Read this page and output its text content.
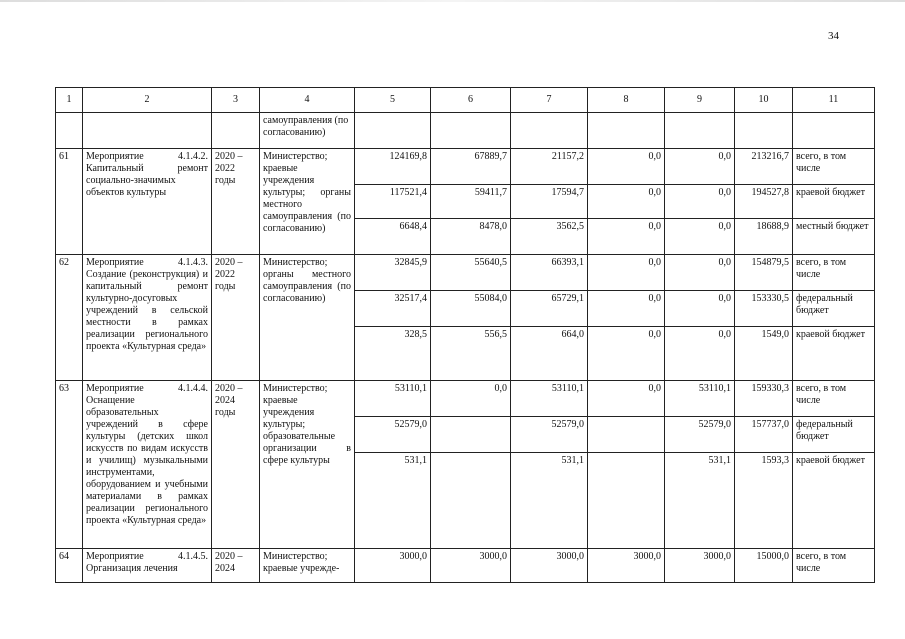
34
1	2	3	4	5	6	7	8	9	10	11
			самоуправления (по согласованию)							
61	Мероприятие 4.1.4.2. Капитальный ремонт социально-значимых объектов культуры	2020 – 2022 годы	Министерство; краевые учреждения культуры; органы местного самоуправления (по согласованию)	124169,8	67889,7	21157,2	0,0	0,0	213216,7	всего, в том числе
				117521,4	59411,7	17594,7	0,0	0,0	194527,8	краевой бюджет
				6648,4	8478,0	3562,5	0,0	0,0	18688,9	местный бюджет
62	Мероприятие 4.1.4.3. Создание (реконструкция) и капитальный ремонт культурно-досуговых учреждений в сельской местности в рамках реализации регионального проекта «Культурная среда»	2020 – 2022 годы	Министерство; органы местного самоуправления (по согласованию)	32845,9	55640,5	66393,1	0,0	0,0	154879,5	всего, в том числе
				32517,4	55084,0	65729,1	0,0	0,0	153330,5	федеральный бюджет
				328,5	556,5	664,0	0,0	0,0	1549,0	краевой бюджет
63	Мероприятие 4.1.4.4. Оснащение образовательных учреждений в сфере культуры (детских школ искусств по видам искусств и училищ) музыкальными инструментами, оборудованием и учебными материалами в рамках реализации регионального проекта «Культурная среда»	2020 – 2024 годы	Министерство; краевые учреждения культуры; образовательные организации в сфере культуры	53110,1	0,0	53110,1	0,0	53110,1	159330,3	всего, в том числе
				52579,0		52579,0		52579,0	157737,0	федеральный бюджет
				531,1		531,1		531,1	1593,3	краевой бюджет
64	Мероприятие 4.1.4.5. Организация лечения	2020 – 2024	Министерство; краевые учрежде-	3000,0	3000,0	3000,0	3000,0	3000,0	15000,0	всего, в том числе
